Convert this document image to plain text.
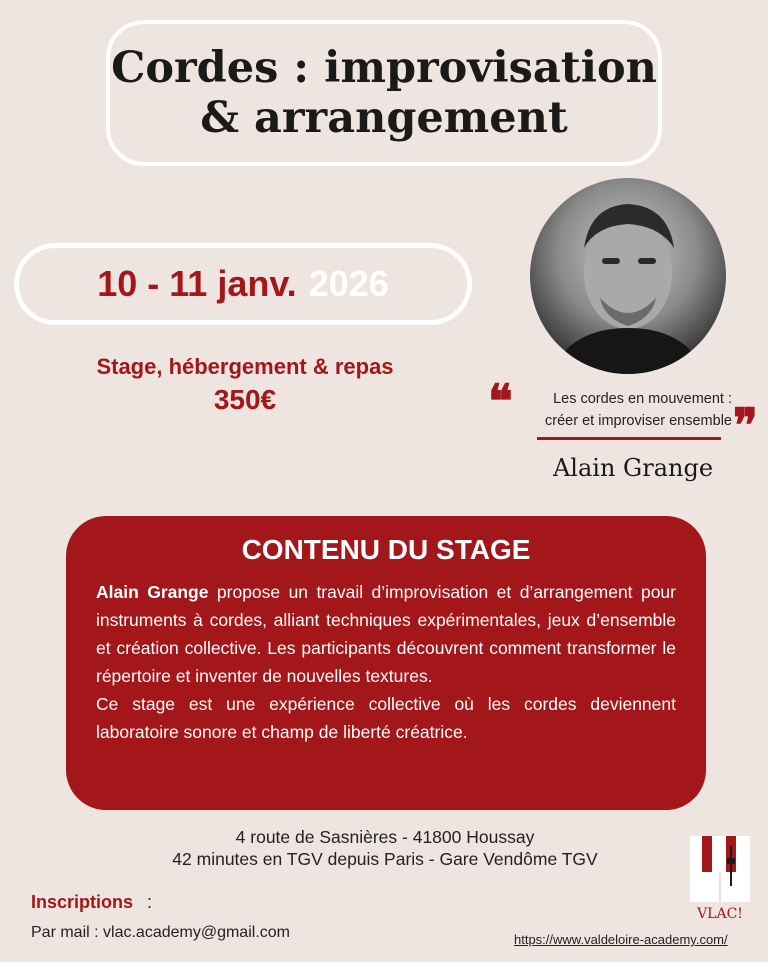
Cordes : improvisation
& arrangement
10 - 11 janv. 2026
Stage, hébergement & repas
350€	❝	Les cordes en mouvement :
créer et improviser ensemble ❞
Alain Grange
CONTENU DU STAGE

Alain Grange propose un travail d’improvisation et d’arrangement pour instruments à cordes, alliant techniques expérimentales, jeux d’ensemble et création collective. Les participants découvrent comment transformer le répertoire et inventer de nouvelles textures.

Ce stage est une expérience collective où les cordes deviennent laboratoire sonore et champ de liberté créatrice.

4 route de Sasnières - 41800 Houssay
42 minutes en TGV depuis Paris - Gare Vendôme TGV
Inscriptions :
Par mail : vlac.academy@gmail.com
VLAC!
https://www.valdeloire-academy.com/
